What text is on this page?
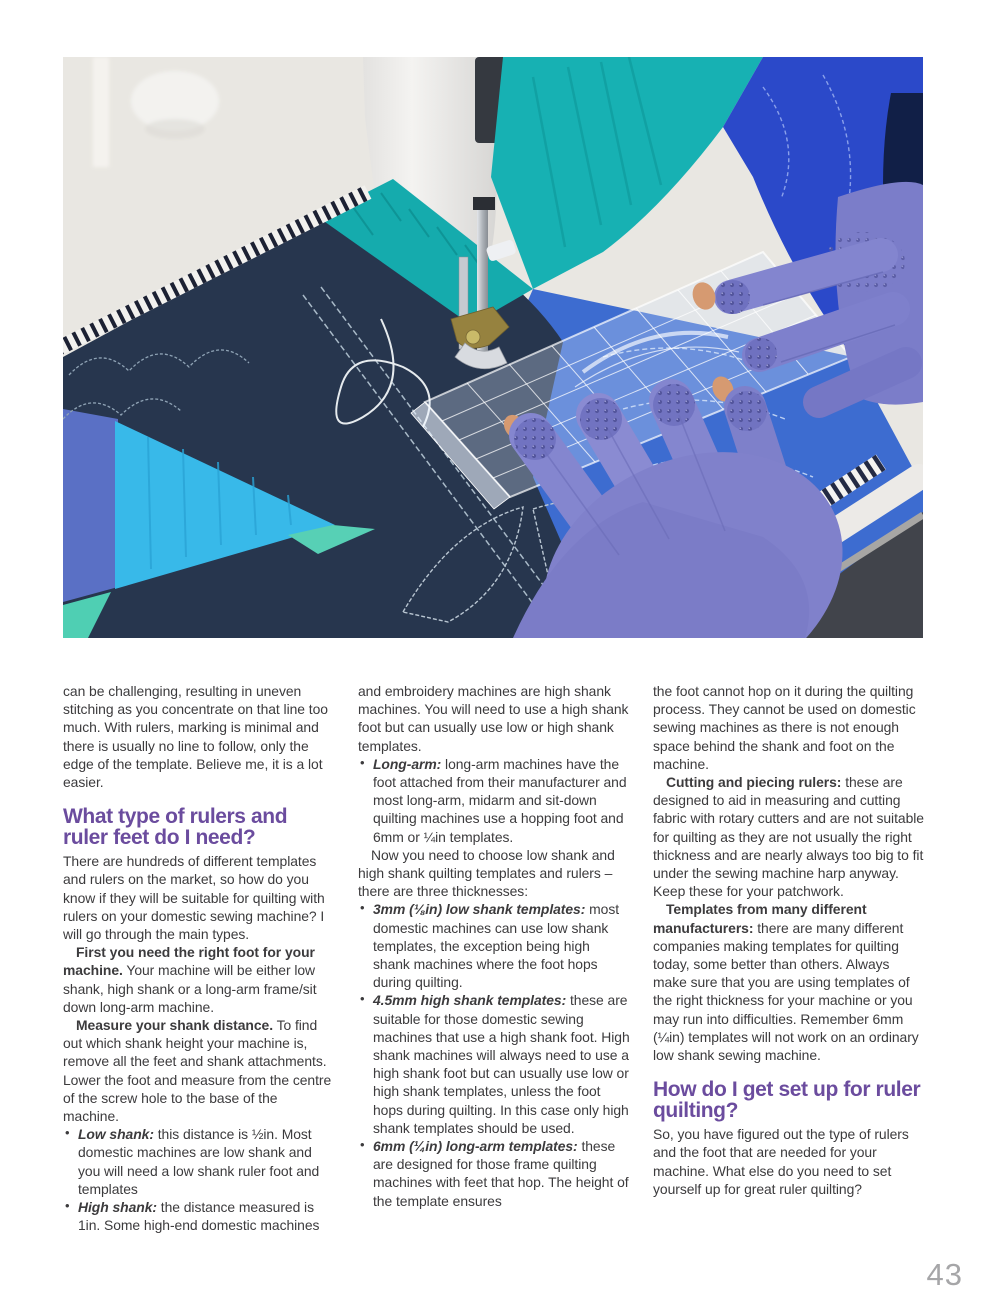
can be challenging, resulting in uneven stitching as you concentrate on that line too much. With rulers, marking is minimal and there is usually no line to follow, only the edge of the template. Believe me, it is a lot easier.

What type of rulers and
ruler feet do I need?

There are hundreds of different templates and rulers on the market, so how do you know if they will be suitable for quilting with rulers on your domestic sewing machine? I will go through the main types.

First you need the right foot for your machine. Your machine will be either low shank, high shank or a long-arm frame/sit down long-arm machine.

Measure your shank distance. To find out which shank height your machine is, remove all the feet and shank attachments. Lower the foot and measure from the centre of the screw hole to the base of the machine.

• Low shank: this distance is ½in. Most domestic machines are low shank and you will need a low shank ruler foot and templates

• High shank: the distance measured is 1in. Some high-end domestic machines

and embroidery machines are high shank machines. You will need to use a high shank foot but can usually use low or high shank templates.

• Long-arm: long-arm machines have the foot attached from their manufacturer and most long-arm, midarm and sit-down quilting machines use a hopping foot and 6mm or ¼in templates.

Now you need to choose low shank and high shank quilting templates and rulers – there are three thicknesses:

• 3mm (⅛in) low shank templates: most domestic machines can use low shank templates, the exception being high shank machines where the foot hops during quilting.

• 4.5mm high shank templates: these are suitable for those domestic sewing machines that use a high shank foot. High shank machines will always need to use a high shank foot but can usually use low or high shank templates, unless the foot hops during quilting. In this case only high shank templates should be used.

• 6mm (¼in) long-arm templates: these are designed for those frame quilting machines with feet that hop. The height of the template ensures

the foot cannot hop on it during the quilting process. They cannot be used on domestic sewing machines as there is not enough space behind the shank and foot on the machine.

Cutting and piecing rulers: these are designed to aid in measuring and cutting fabric with rotary cutters and are not suitable for quilting as they are not usually the right thickness and are nearly always too big to fit under the sewing machine harp anyway. Keep these for your patchwork.

Templates from many different manufacturers: there are many different companies making templates for quilting today, some better than others. Always make sure that you are using templates of the right thickness for your machine or you may run into difficulties. Remember 6mm (¼in) templates will not work on an ordinary low shank sewing machine.

How do I get set up for ruler
quilting?

So, you have figured out the type of rulers and the foot that are needed for your machine. What else do you need to set yourself up for great ruler quilting?

43
